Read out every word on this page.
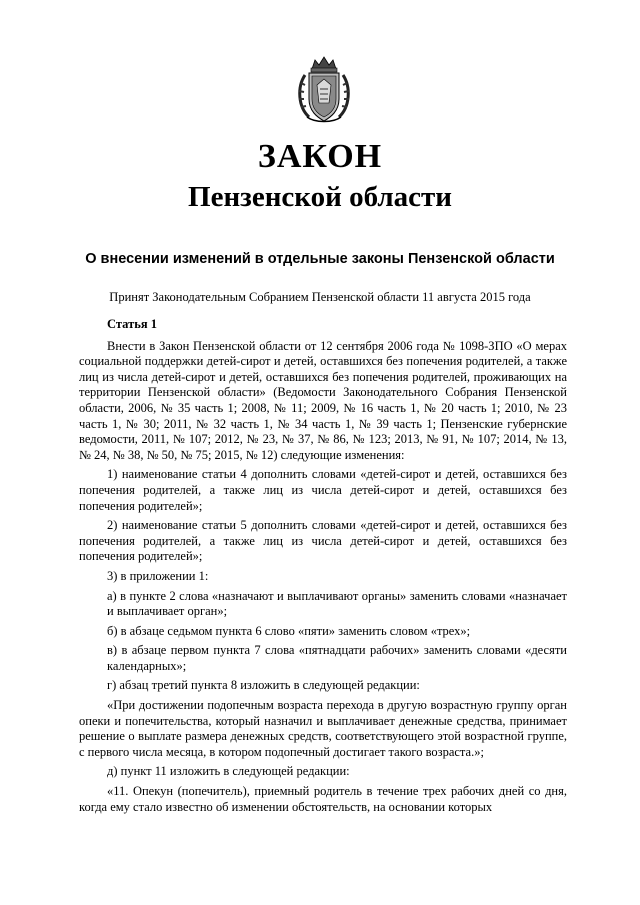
ЗАКОН
Пензенской области
О внесении изменений в отдельные законы Пензенской области
Принят Законодательным Собранием Пензенской области 11 августа 2015 года

Статья 1

Внести в Закон Пензенской области от 12 сентября 2006 года № 1098-ЗПО «О мерах социальной поддержки детей-сирот и детей, оставшихся без попечения родителей, а также лиц из числа детей-сирот и детей, оставшихся без попечения родителей, проживающих на территории Пензенской области» (Ведомости Законодательного Собрания Пензенской области, 2006, № 35 часть 1; 2008, № 11; 2009, № 16 часть 1, № 20 часть 1; 2010, № 23 часть 1, № 30; 2011, № 32 часть 1, № 34 часть 1, № 39 часть 1; Пензенские губернские ведомости, 2011, № 107; 2012, № 23, № 37, № 86, № 123; 2013, № 91, № 107; 2014, № 13, № 24, № 38, № 50, № 75; 2015, № 12) следующие изменения:

1) наименование статьи 4 дополнить словами «детей-сирот и детей, оставшихся без попечения родителей, а также лиц из числа детей-сирот и детей, оставшихся без попечения родителей»;

2) наименование статьи 5 дополнить словами «детей-сирот и детей, оставшихся без попечения родителей, а также лиц из числа детей-сирот и детей, оставшихся без попечения родителей»;

3) в приложении 1:

а) в пункте 2 слова «назначают и выплачивают органы» заменить словами «назначает и выплачивает орган»;

б) в абзаце седьмом пункта 6 слово «пяти» заменить словом «трех»;

в) в абзаце первом пункта 7 слова «пятнадцати рабочих» заменить словами «десяти календарных»;

г) абзац третий пункта 8 изложить в следующей редакции:

«При достижении подопечным возраста перехода в другую возрастную группу орган опеки и попечительства, который назначил и выплачивает денежные средства, принимает решение о выплате размера денежных средств, соответствующего этой возрастной группе, с первого числа месяца, в котором подопечный достигает такого возраста.»;

д) пункт 11 изложить в следующей редакции:

«11. Опекун (попечитель), приемный родитель в течение трех рабочих дней со дня, когда ему стало известно об изменении обстоятельств, на основании которых
